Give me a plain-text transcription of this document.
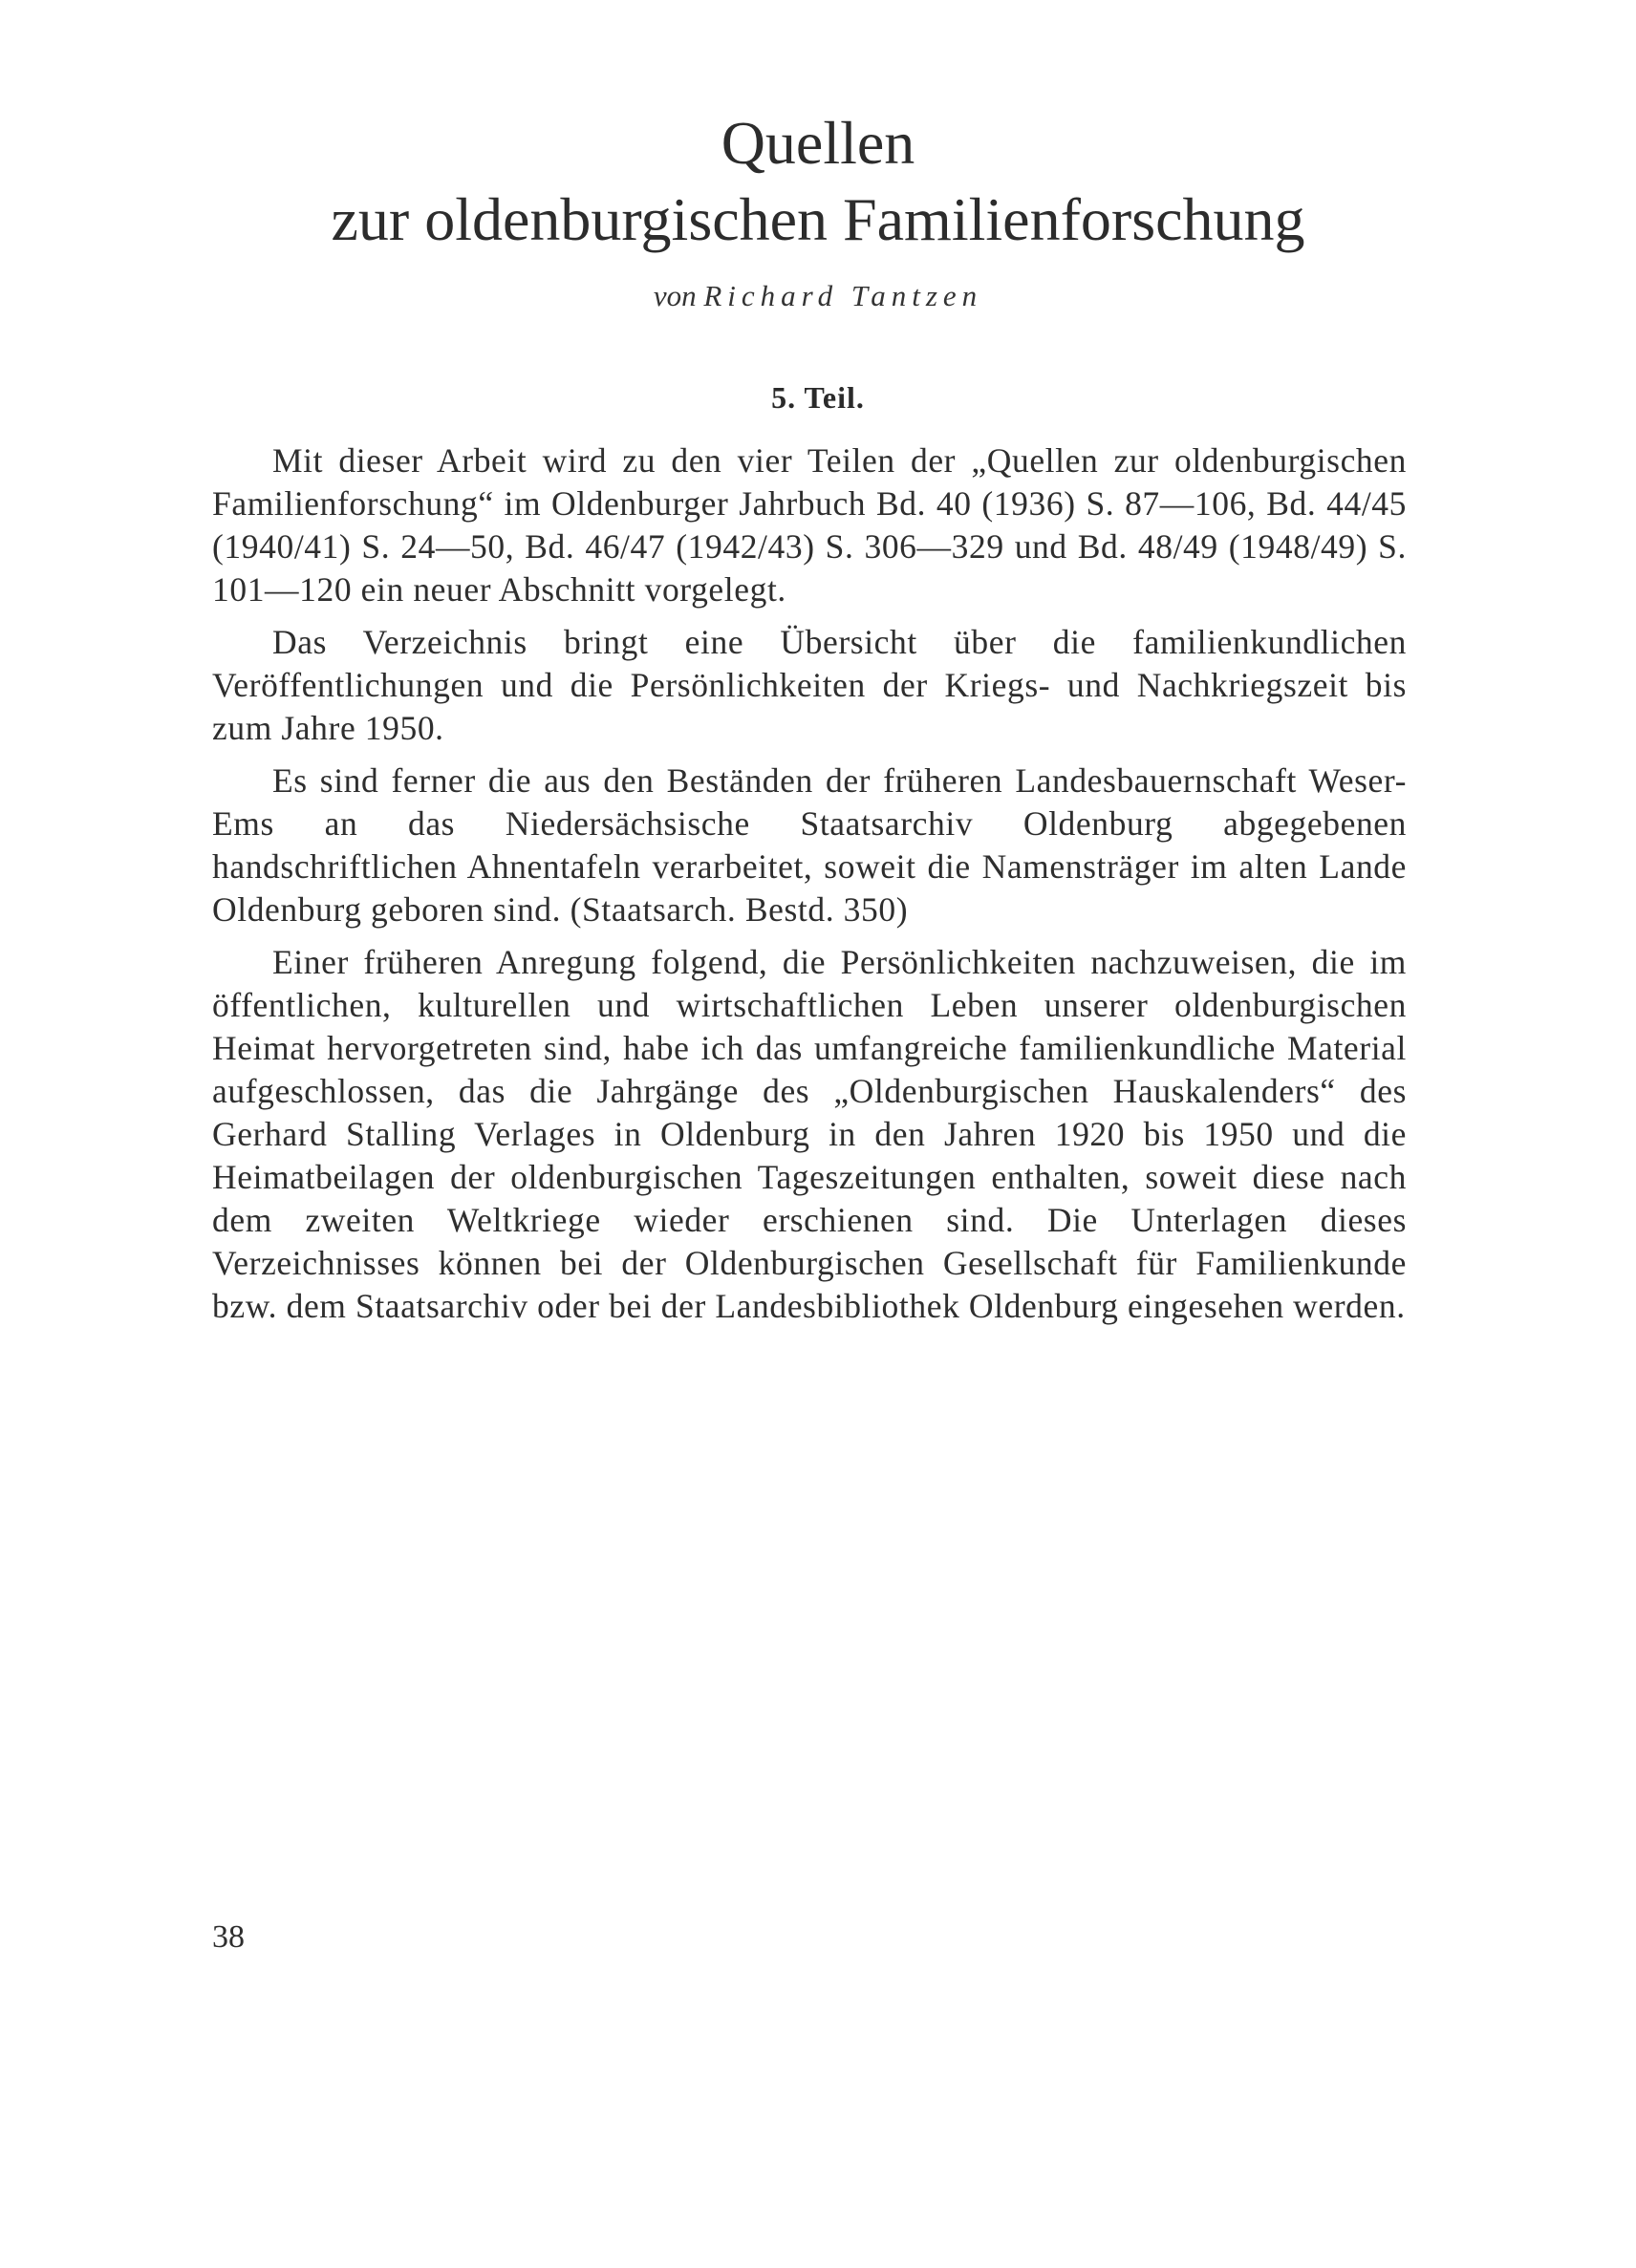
Quellen
zur oldenburgischen Familienforschung
von Richard Tantzen
5. Teil.

Mit dieser Arbeit wird zu den vier Teilen der „Quellen zur oldenburgischen Familienforschung“ im Oldenburger Jahrbuch Bd. 40 (1936) S. 87—106, Bd. 44/45 (1940/41) S. 24—50, Bd. 46/47 (1942/43) S. 306—329 und Bd. 48/49 (1948/49) S. 101—120 ein neuer Abschnitt vorgelegt.

Das Verzeichnis bringt eine Übersicht über die familienkundlichen Veröffentlichungen und die Persönlichkeiten der Kriegs- und Nachkriegszeit bis zum Jahre 1950.

Es sind ferner die aus den Beständen der früheren Landesbauernschaft Weser-Ems an das Niedersächsische Staatsarchiv Oldenburg abgegebenen handschriftlichen Ahnentafeln verarbeitet, soweit die Namensträger im alten Lande Oldenburg geboren sind. (Staatsarch. Bestd. 350)

Einer früheren Anregung folgend, die Persönlichkeiten nachzuweisen, die im öffentlichen, kulturellen und wirtschaftlichen Leben unserer oldenburgischen Heimat hervorgetreten sind, habe ich das umfangreiche familienkundliche Material aufgeschlossen, das die Jahrgänge des „Oldenburgischen Hauskalenders“ des Gerhard Stalling Verlages in Oldenburg in den Jahren 1920 bis 1950 und die Heimatbeilagen der oldenburgischen Tageszeitungen enthalten, soweit diese nach dem zweiten Weltkriege wieder erschienen sind. Die Unterlagen dieses Verzeichnisses können bei der Oldenburgischen Gesellschaft für Familienkunde bzw. dem Staatsarchiv oder bei der Landesbibliothek Oldenburg eingesehen werden.

38
